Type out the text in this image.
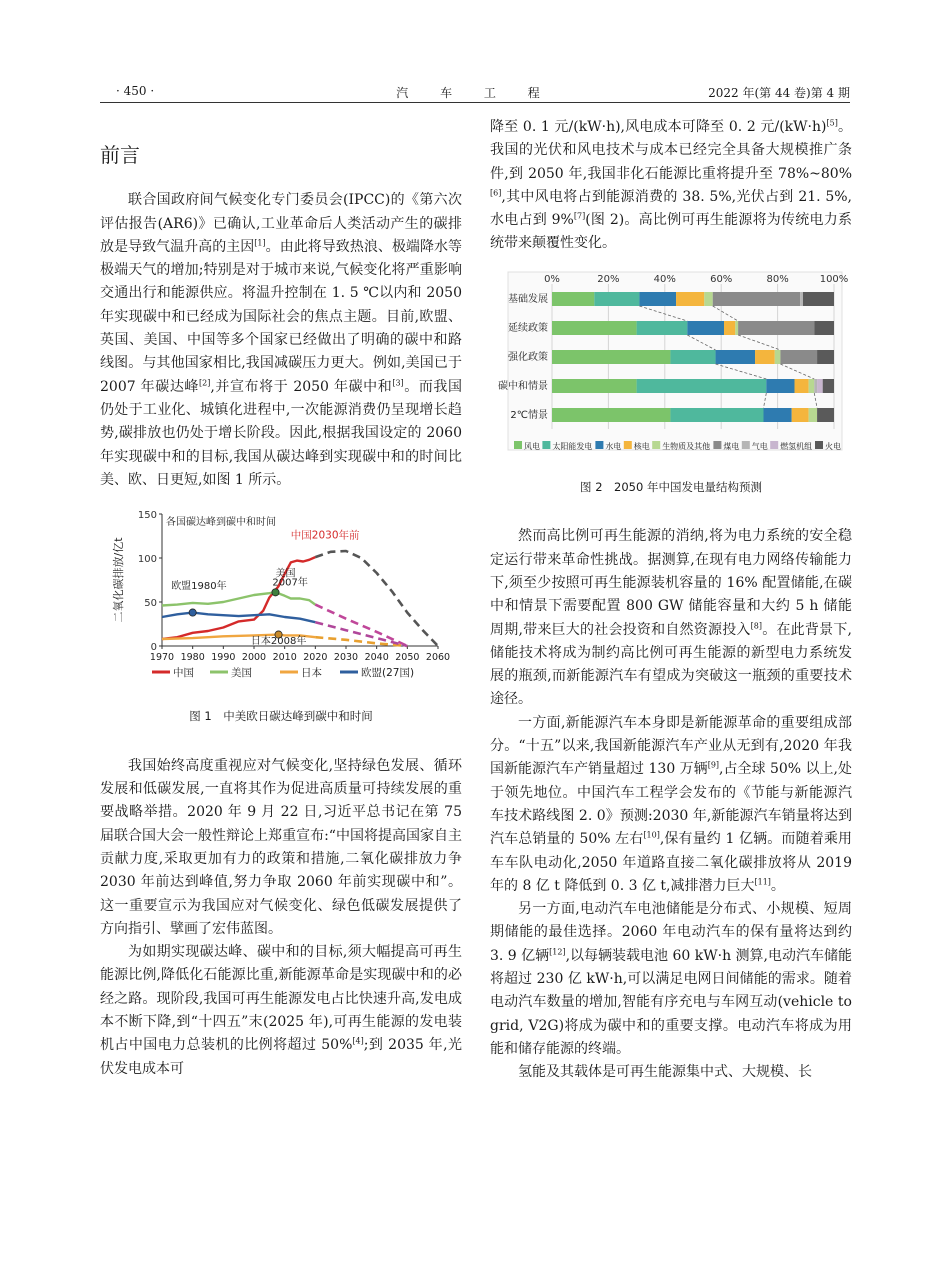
· 450 ·	汽 车 工 程	2022 年(第 44 卷)第 4 期
前言

联合国政府间气候变化专门委员会(IPCC)的《第六次评估报告(AR6)》已确认,工业革命后人类活动产生的碳排放是导致气温升高的主因[1]。由此将导致热浪、极端降水等极端天气的增加;特别是对于城市来说,气候变化将严重影响交通出行和能源供应。将温升控制在 1. 5 ℃以内和 2050 年实现碳中和已经成为国际社会的焦点主题。目前,欧盟、英国、美国、中国等多个国家已经做出了明确的碳中和路线图。与其他国家相比,我国减碳压力更大。例如,美国已于 2007 年碳达峰[2],并宣布将于 2050 年碳中和[3]。而我国仍处于工业化、城镇化进程中,一次能源消费仍呈现增长趋势,碳排放也仍处于增长阶段。因此,根据我国设定的 2060 年实现碳中和的目标,我国从碳达峰到实现碳中和的时间比美、欧、日更短,如图 1 所示。

0
50
100
150
1970 1980 1990 2000 2010 2020 2030 2040 2050 2060
二氧化碳排放/亿t
各国碳达峰到碳中和时间
中国2030年前
欧盟1980年
美国
2007年
日本2008年
中国	美国	日本	欧盟(27国)
图 1　中美欧日碳达峰到碳中和时间

我国始终高度重视应对气候变化,坚持绿色发展、循环发展和低碳发展,一直将其作为促进高质量可持续发展的重要战略举措。2020 年 9 月 22 日,习近平总书记在第 75 届联合国大会一般性辩论上郑重宣布:“中国将提高国家自主贡献力度,采取更加有力的政策和措施,二氧化碳排放力争 2030 年前达到峰值,努力争取 2060 年前实现碳中和”。这一重要宣示为我国应对气候变化、绿色低碳发展提供了方向指引、擘画了宏伟蓝图。

为如期实现碳达峰、碳中和的目标,须大幅提高可再生能源比例,降低化石能源比重,新能源革命是实现碳中和的必经之路。现阶段,我国可再生能源发电占比快速升高,发电成本不断下降,到“十四五”末(2025 年),可再生能源的发电装机占中国电力总装机的比例将超过 50%[4];到 2035 年,光伏发电成本可

降至 0. 1 元/(kW·h),风电成本可降至 0. 2 元/(kW·h)[5]。我国的光伏和风电技术与成本已经完全具备大规模推广条件,到 2050 年,我国非化石能源比重将提升至 78%~80%[6],其中风电将占到能源消费的 38. 5%,光伏占到 21. 5%,水电占到 9%[7](图 2)。高比例可再生能源将为传统电力系统带来颠覆性变化。

0%	20%	40%	60%	80%	100%
基础发展
延续政策
强化政策
碳中和情景
2℃情景
风电 太阳能发电 水电 核电 生物质及其他 煤电 气电 燃氢机组 火电
图 2　2050 年中国发电量结构预测

然而高比例可再生能源的消纳,将为电力系统的安全稳定运行带来革命性挑战。据测算,在现有电力网络传输能力下,须至少按照可再生能源装机容量的 16% 配置储能,在碳中和情景下需要配置 800 GW 储能容量和大约 5 h 储能周期,带来巨大的社会投资和自然资源投入[8]。在此背景下,储能技术将成为制约高比例可再生能源的新型电力系统发展的瓶颈,而新能源汽车有望成为突破这一瓶颈的重要技术途径。

一方面,新能源汽车本身即是新能源革命的重要组成部分。“十五”以来,我国新能源汽车产业从无到有,2020 年我国新能源汽车产销量超过 130 万辆[9],占全球 50% 以上,处于领先地位。中国汽车工程学会发布的《节能与新能源汽车技术路线图 2. 0》预测:2030 年,新能源汽车销量将达到汽车总销量的 50% 左右[10],保有量约 1 亿辆。而随着乘用车车队电动化,2050 年道路直接二氧化碳排放将从 2019 年的 8 亿 t 降低到 0. 3 亿 t,减排潜力巨大[11]。

另一方面,电动汽车电池储能是分布式、小规模、短周期储能的最佳选择。2060 年电动汽车的保有量将达到约 3. 9 亿辆[12],以每辆装载电池 60 kW·h 测算,电动汽车储能将超过 230 亿 kW·h,可以满足电网日间储能的需求。随着电动汽车数量的增加,智能有序充电与车网互动(vehicle to grid, V2G)将成为碳中和的重要支撑。电动汽车将成为用能和储存能源的终端。

氢能及其载体是可再生能源集中式、大规模、长
